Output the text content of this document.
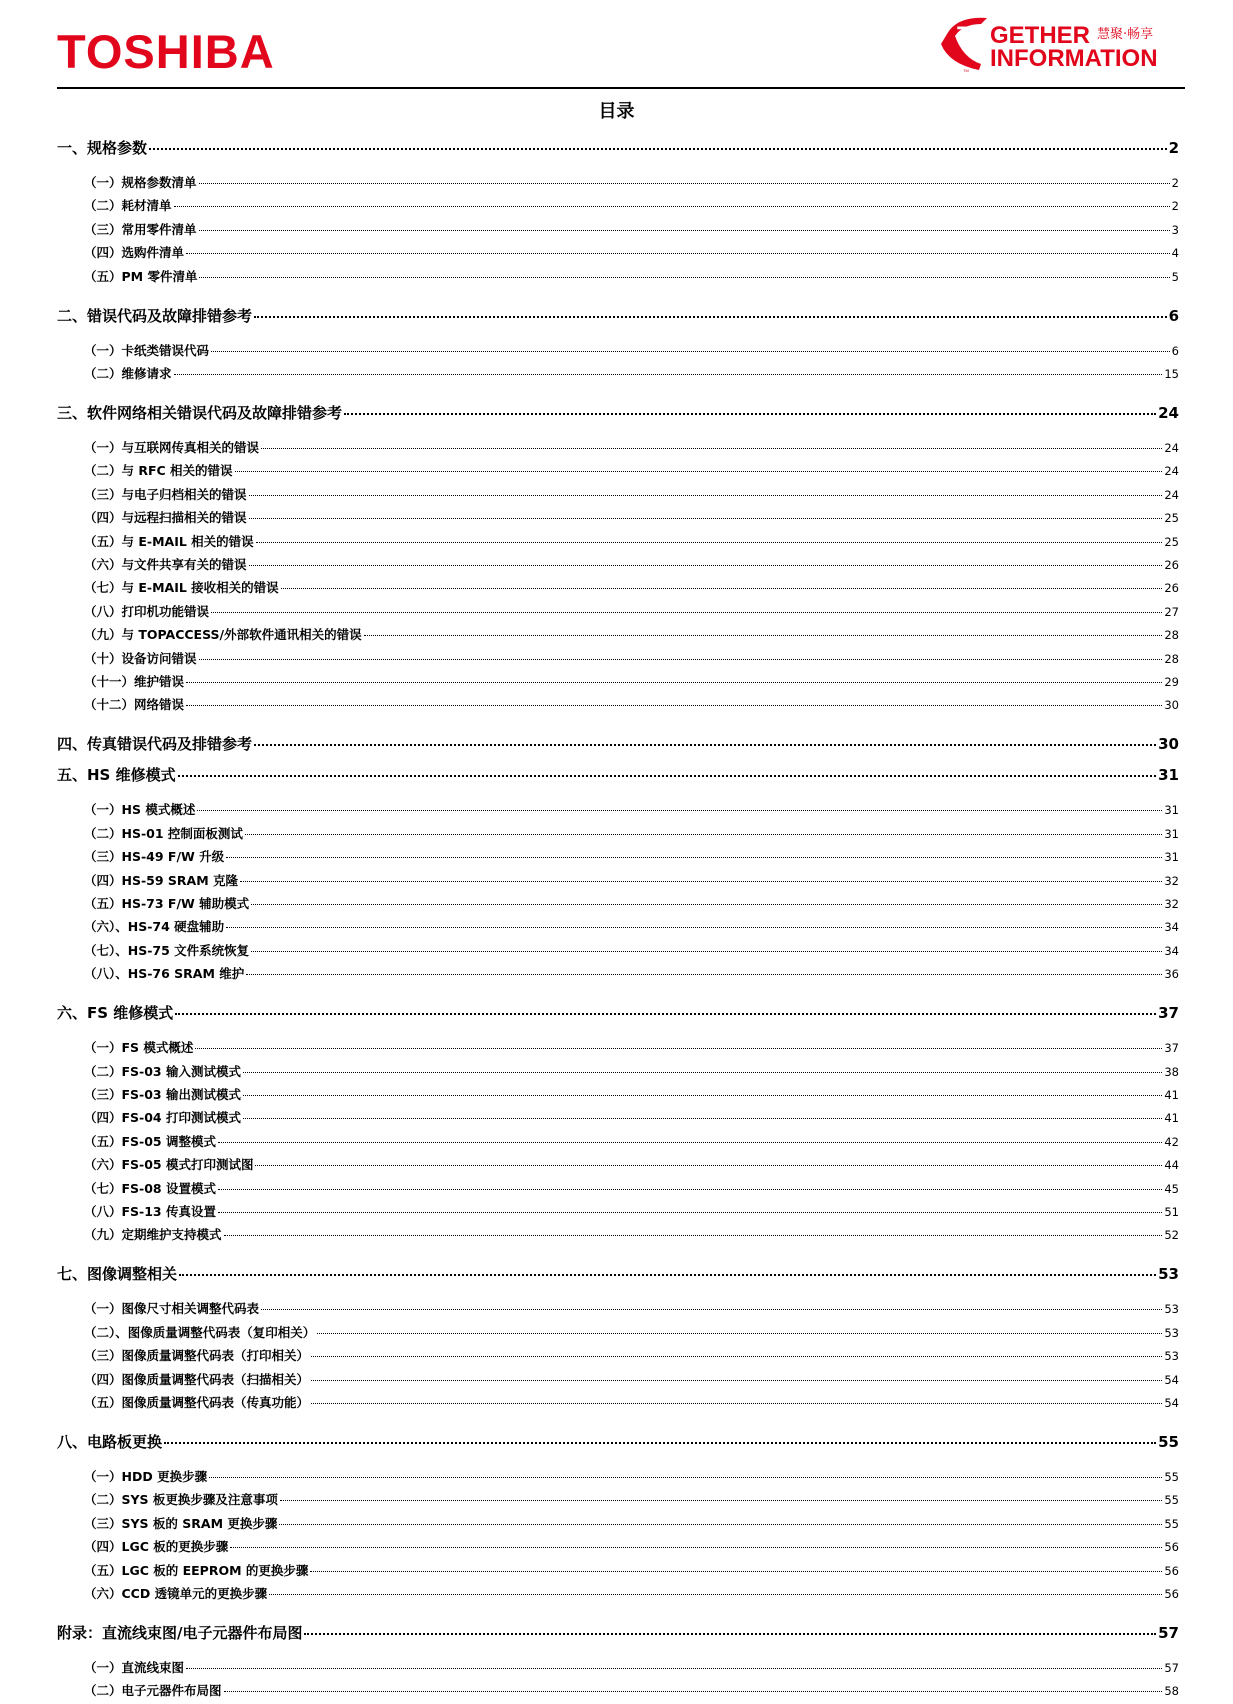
TOSHIBA	TO GETHER 慧聚·畅享
INFORMATION
TM
目录
一、规格参数	2
（一）规格参数清单	2
（二）耗材清单	2
（三）常用零件清单	3
（四）选购件清单	4
（五）PM 零件清单	5
二、错误代码及故障排错参考	6
（一）卡纸类错误代码	6
（二）维修请求	15
三、软件网络相关错误代码及故障排错参考	24
（一）与互联网传真相关的错误	24
（二）与 RFC 相关的错误	24
（三）与电子归档相关的错误	24
（四）与远程扫描相关的错误	25
（五）与 E-MAIL 相关的错误	25
（六）与文件共享有关的错误	26
（七）与 E-MAIL 接收相关的错误	26
（八）打印机功能错误	27
（九）与 TOPACCESS/外部软件通讯相关的错误	28
（十）设备访问错误	28
（十一）维护错误	29
（十二）网络错误	30
四、传真错误代码及排错参考	30
五、HS 维修模式	31
（一）HS 模式概述	31
（二）HS-01 控制面板测试	31
（三）HS-49 F/W 升级	31
（四）HS-59 SRAM 克隆	32
（五）HS-73 F/W 辅助模式	32
（六）、HS-74 硬盘辅助	34
（七）、HS-75 文件系统恢复	34
（八）、HS-76 SRAM 维护	36
六、FS 维修模式	37
（一）FS 模式概述	37
（二）FS-03 输入测试模式	38
（三）FS-03 输出测试模式	41
（四）FS-04 打印测试模式	41
（五）FS-05 调整模式	42
（六）FS-05 模式打印测试图	44
（七）FS-08 设置模式	45
（八）FS-13 传真设置	51
（九）定期维护支持模式	52
七、图像调整相关	53
（一）图像尺寸相关调整代码表	53
（二）、图像质量调整代码表（复印相关）	53
（三）图像质量调整代码表（打印相关）	53
（四）图像质量调整代码表（扫描相关）	54
（五）图像质量调整代码表（传真功能）	54
八、电路板更换	55
（一）HDD 更换步骤	55
（二）SYS 板更换步骤及注意事项	55
（三）SYS 板的 SRAM 更换步骤	55
（四）LGC 板的更换步骤	56
（五）LGC 板的 EEPROM 的更换步骤	56
（六）CCD 透镜单元的更换步骤	56
附录：直流线束图/电子元器件布局图	57
（一）直流线束图	57
（二）电子元器件布局图	58
